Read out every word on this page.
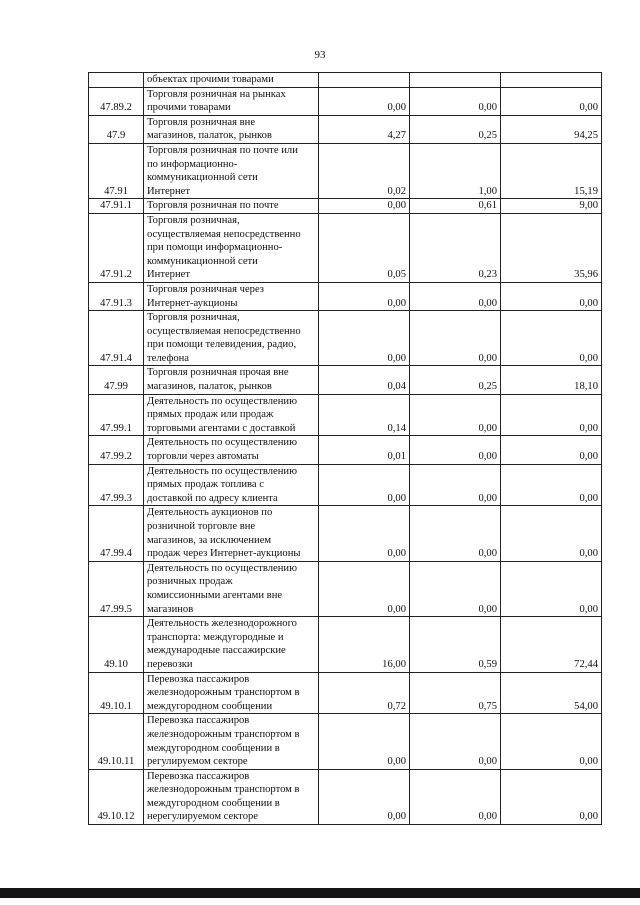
93

	объектах прочими товарами			

47.89.2	Торговля розничная на рынках
прочими товарами	0,00	0,00	0,00
47.9	Торговля розничная вне
магазинов, палаток, рынков	4,27	0,25	94,25
47.91	Торговля розничная по почте или
по информационно-
коммуникационной сети
Интернет	0,02	1,00	15,19
47.91.1	Торговля розничная по почте	0,00	0,61	9,00
47.91.2	Торговля розничная,
осуществляемая непосредственно
при помощи информационно-
коммуникационной сети
Интернет	0,05	0,23	35,96
47.91.3	Торговля розничная через
Интернет-аукционы	0,00	0,00	0,00
47.91.4	Торговля розничная,
осуществляемая непосредственно
при помощи телевидения, радио,
телефона	0,00	0,00	0,00
47.99	Торговля розничная прочая вне
магазинов, палаток, рынков	0,04	0,25	18,10
47.99.1	Деятельность по осуществлению
прямых продаж или продаж
торговыми агентами с доставкой	0,14	0,00	0,00
47.99.2	Деятельность по осуществлению
торговли через автоматы	0,01	0,00	0,00
47.99.3	Деятельность по осуществлению
прямых продаж топлива с
доставкой по адресу клиента	0,00	0,00	0,00
47.99.4	Деятельность аукционов по
розничной торговле вне
магазинов, за исключением
продаж через Интернет-аукционы	0,00	0,00	0,00
47.99.5	Деятельность по осуществлению
розничных продаж
комиссионными агентами вне
магазинов	0,00	0,00	0,00
49.10	Деятельность железнодорожного
транспорта: междугородные и
международные пассажирские
перевозки	16,00	0,59	72,44
49.10.1	Перевозка пассажиров
железнодорожным транспортом в
междугородном сообщении	0,72	0,75	54,00
49.10.11	Перевозка пассажиров
железнодорожным транспортом в
междугородном сообщении в
регулируемом секторе	0,00	0,00	0,00
49.10.12	Перевозка пассажиров
железнодорожным транспортом в
междугородном сообщении в
нерегулируемом секторе	0,00	0,00	0,00
